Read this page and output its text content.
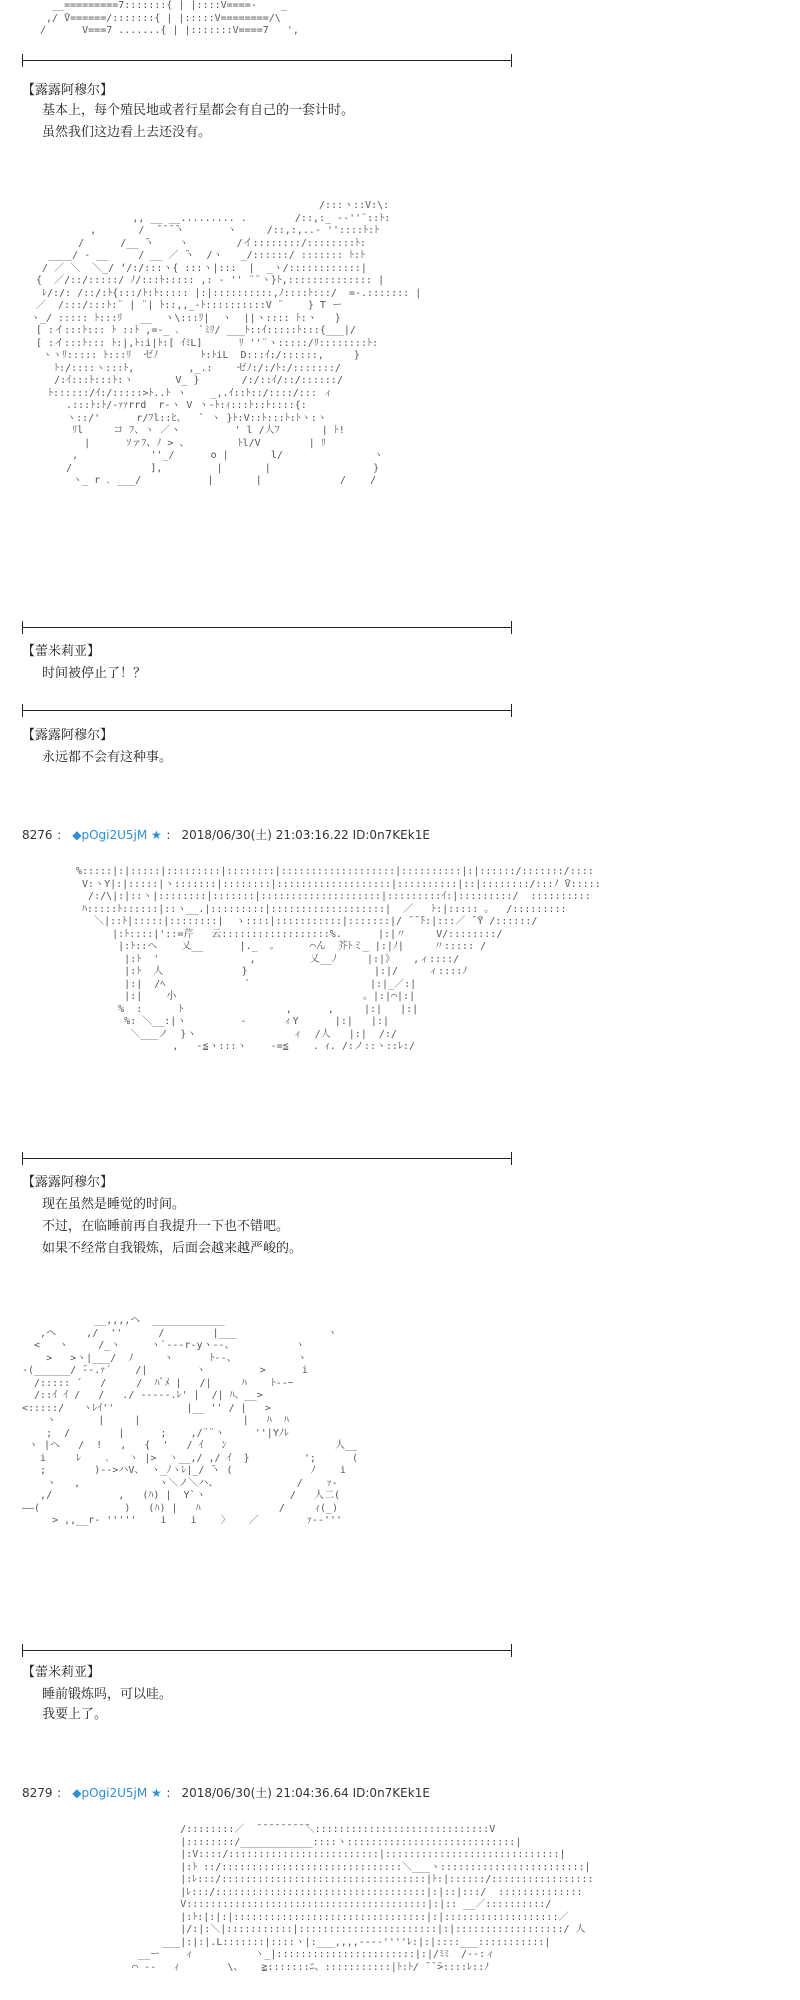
__=========7:::::::{ | |::::V====-    _
,/ ̄V======/:::::::{ | |:::::V========/\
/      V===7 .......{ | |:::::::V====7   ',
【露露阿穆尔】
基本上，每个殖民地或者行星都会有自己的一套计时。
虽然我们这边看上去还没有。
/:::ヽ::V:\:
,, __ __......... .        /::,:_ -‐''¨::ﾄ:
,       /  ̄ ̄ ̄ ̄ヽ       ヽ     /::,:,..- ''::::ﾄ:ﾄ
/      /__ ̄ヽ    ヽ        /イ::::::::/::::::::ﾄ:
____/ ‐ __     / __ ／ ̄ヽ  /ヽ   _/::::::/ ::::::: ﾄ:ﾄ
/ ／ ＼  ＼_/ ‘/:/:::ヽ{ :::ヽ|:::  |  _ヽ/::::::::::::|
{  ／/::/:::::/ ﾉ/:::ﾄ::::: ,: ‐ '' ¨¨ヽ}ﾄ,:::::::::::::: |
ﾚ/:/: /::/:ﾄ{:::/ﾄ:ﾄ::::: |:|::::::::::,ﾉ::::ﾄ:::/  =-.::::::: |
／  /:::/:::ﾄ:¨ | ¨| ﾄ::,,_-ﾄ::::::::::V ¨    } T ー
ヽ_/ ::::: ﾄ:::ﾘ   __  ヽ\:::ﾘ|  ヽ  ||ヽ:::: ﾄ:ヽ   }
[ :イ:::ﾄ::: ﾄ ::ﾄ ,=-_ ､   `ﾐﾘ/ ___ﾄ::ｲ:::::ﾄ:::{___|/
[ :イ:::ﾄ::: ﾄ:|,ﾄ:i|ﾄ:[ ｲﾐL]      ﾘ ''¨ヽ:::::/ﾘ::::::::ﾄ:
ヽヽﾘ::::: ﾄ:::ﾘ  ゼﾉ       ﾄ:ﾄiL  D:::ｲ:/::::::,     }
ﾄ:/::::ヽ:::ﾄ,         ,_.:    ゼﾉ:/:/ﾄ:/:::::::/
/:ｲ:::ﾄ:::ﾄ:ヽ       V_ }       /:/::ｲ/::/::::::/
ﾄ::::::/ｲ:/:::::>ﾄ..ﾄ ヽ    _,.ｲ::ﾄ::/::::/::: ィ
.:::ﾄ:ﾄ/‐ｧｧrrd  r‐ヽ V ヽ‐ﾄ:ｨ:::ﾄ::ﾄ::::{:
ヽ::/'      r/ﾌl::ﾋ、  ` ヽ }ﾄ:V::ﾄ:::ﾄ:ﾄヽ:ヽ
ﾘl     コ ﾌ、ヽ ／ヽ         ' l /人ﾌ       | ﾄ!
|      ｿァﾌ、ﾉ > 、        ﾄl/V        | ﾘ
,            ''_/      o |       l/               ヽ
/             ],         |       |                 }
ヽ_ r ､ ___/           |       |             /    /
【蕾米莉亚】
时间被停止了！？
【露露阿穆尔】
永远都不会有这种事。
8276 ： ◆pOgi2U5jM ★ ： 2018/06/30(土) 21:03:16.22 ID:0n7KEk1E
%:::::|:|:::::|:::::::::|::::::::|:::::::::::::::::::|::::::::::|:|::::::/:::::::/::::
V:ヽY|:|:::::|ヽ:::::::|::::::::|:::::::::::::::::::|::::::::::|::|::::::::/:::ﾉ ̄V:::::
/:/\|:|::ヽ|::::::::|:::::::|::::::::::::::::::::|:::::::::ｲ:|:::::::::/  ::::::::::
ﾊ:::::ﾄ::::::|::ヽ__.|:::::::::|:::::::::::::::::::|  ／   ﾄ:|::::: 。  /:::::::::
＼|::ﾄ|:::::|::::::::|  ゝ::::|:::::::::::|:::::::|/ ̄ ̄ ̄ﾄ:|:::／ ̄ ̄Y /::::::/
|:ﾄ::::|'::=芹   云::::::::::::::::::%.      |:|〃     V/::::::::/
|:ﾄ::ヘ    乂__      |._  。     ⌒ん  芥ﾄミ_ |:|ﾉ|     〃::::: /
|:ﾄ  '               ,         乂__ﾉ     |:|》   ,ィ::::/
|:ﾄ  人             }                     |:|/     ィ::::ﾉ
|:|  /ﾍ             ´                    |:|_／:|
|:|    小                               。|:|⌒|:|
%  :      ﾄ                 ,      ,     |:|   |:|
%: ＼__:|ヽ         -      ィY      |:|   |:|
＼___ノ  }ヽ                ィ  /人   |:|  /:/
,   -≦ヽ:::ヽ    -=≦    . ｨ. /:ノ::ヽ::ﾚ:/
【露露阿穆尔】
现在虽然是睡觉的时间。
不过，在临睡前再自我提升一下也不错吧。
如果不经常自我锻炼，后面会越来越严峻的。
__,,,,ヘ  ____________
,ヘ     ,/  ''      /        |___               ヽ
<   ヽ     /_ヽ     ヽ`---r-yヽ--、          ヽ
>   >ヽ|___/  ﾉ     ヽ      ﾄ‐-、          ヽ
-(______/ ̄‐-.ｧ´    /|        ヽ         >      i
/::::: ´   /     /  ﾊﾞﾒ |   /|     ﾊ    ﾄ‐-ｰ
/::ｲ ｲ /   /   ./ ‐--‐‐.ﾚ' |  /| ﾊ、__>
<:::::/   ヽﾚｲ''            |__ '' / |   >
ヽ       |     |                 |   ﾊ  ﾊ
;  /        |      ;    ,/¨¨ヽ     ''|Yﾉﾚ
ヽ |ヘ   /  !   ,   {  '   / ｲ   ﾝ                  人__
i     ﾚ    ､   ヽ |>  ヽ__,/ ,/ ｲ  }         ';      (
;        )-‐>ハV、 ヽ_ﾉヽﾚ|_/ ̄ヽ (             ﾉ    i
ヽ   ,             ヽ＼ノ＼ハ、             /    ｧ-
,/           ,   (ﾊ) |  Y`ヽ              /   人二(
——(              )   (ﾊ) |   ﾊ             /     ｨ(_)
> ,,__r‐ '''''    i    i    〉   ／        ｧ-‐'''
【蕾米莉亚】
睡前锻炼吗，可以哇。
我要上了。
8279 ： ◆pOgi2U5jM ★ ： 2018/06/30(土) 21:04:36.64 ID:0n7KEk1E
/::::::::／  ̄ ̄ ̄ ̄ ̄ ̄ ̄ ̄ ̄＼:::::::::::::::::::::::::::::V
|::::::::/____________::::ヽ::::::::::::::::::::::::::::|
|:V::::/:::::::::::::::::::::::::|:::::::::::::::::::::::::::::|
|:ﾄ ::/::::::::::::::::::::::::::::::＼___ヽ::::::::::::::::::::::::|
|:ﾚ:::/::::::::::::::::::::::::::::::::::|ﾄ:|::::::/:::::::::::::::::
|ﾚ:::/:::::::::::::::::::::::::::::::::::|:|::|:::/  ::::::::::::::
V::::::::::::::::::::::::::::::::::::::::|:|:: __／::::::::::/
|:ﾄ:|:|:|::::::::::::::::::::::::::::::::|:|:::::::::::::::::::／
|/:|:＼|:::::::::::|:::::::::::::::::::::::|:|::::::::::::::::::/ 人
___|:|:|.L:::::::|::::ヽ|:___,,,,----''''ﾚ:|:|::::___:::::::::::|
__ー    ィ          ヽ_|:::::::::::::::::::::::|:|/ﾐﾐ  /‐-:ィ
⌒ ‐-   ｨ        \、   ≧:::::::ﾆ、:::::::::::|ﾄ:ﾄ/ ̄ ̄ ̄>::::ﾚ::ﾉ
